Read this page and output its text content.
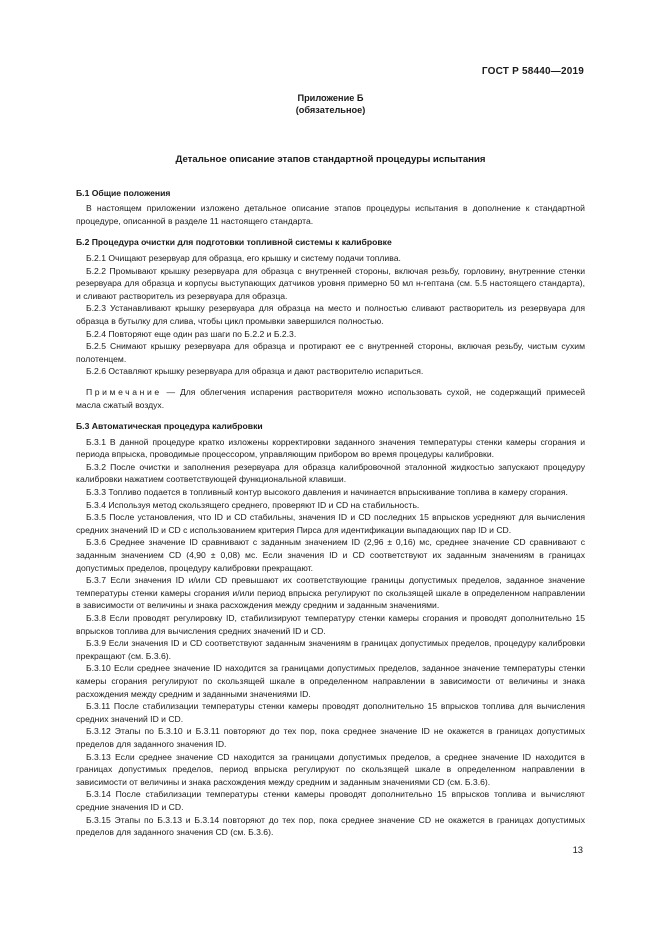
ГОСТ Р 58440—2019
Приложение Б
(обязательное)
Детальное описание этапов стандартной процедуры испытания
Б.1 Общие положения

В настоящем приложении изложено детальное описание этапов процедуры испытания в дополнение к стандартной процедуре, описанной в разделе 11 настоящего стандарта.

Б.2 Процедура очистки для подготовки топливной системы к калибровке

Б.2.1 Очищают резервуар для образца, его крышку и систему подачи топлива.

Б.2.2 Промывают крышку резервуара для образца с внутренней стороны, включая резьбу, горловину, внутренние стенки резервуара для образца и корпусы выступающих датчиков уровня примерно 50 мл н-гептана (см. 5.5 настоящего стандарта), и сливают растворитель из резервуара для образца.

Б.2.3 Устанавливают крышку резервуара для образца на место и полностью сливают растворитель из резервуара для образца в бутылку для слива, чтобы цикл промывки завершился полностью.

Б.2.4 Повторяют еще один раз шаги по Б.2.2 и Б.2.3.

Б.2.5 Снимают крышку резервуара для образца и протирают ее с внутренней стороны, включая резьбу, чистым сухим полотенцем.

Б.2.6 Оставляют крышку резервуара для образца и дают растворителю испариться.

Примечание — Для облегчения испарения растворителя можно использовать сухой, не содержащий примесей масла сжатый воздух.

Б.3 Автоматическая процедура калибровки

Б.3.1 В данной процедуре кратко изложены корректировки заданного значения температуры стенки камеры сгорания и периода впрыска, проводимые процессором, управляющим прибором во время процедуры калибровки.

Б.3.2 После очистки и заполнения резервуара для образца калибровочной эталонной жидкостью запускают процедуру калибровки нажатием соответствующей функциональной клавиши.

Б.3.3 Топливо подается в топливный контур высокого давления и начинается впрыскивание топлива в камеру сгорания.

Б.3.4 Используя метод скользящего среднего, проверяют ID и CD на стабильность.

Б.3.5 После установления, что ID и CD стабильны, значения ID и CD последних 15 впрысков усредняют для вычисления средних значений ID и CD с использованием критерия Пирса для идентификации выпадающих пар ID и CD.

Б.3.6 Среднее значение ID сравнивают с заданным значением ID (2,96 ± 0,16) мс, среднее значение CD сравнивают с заданным значением CD (4,90 ± 0,08) мс. Если значения ID и CD соответствуют их заданным значениям в границах допустимых пределов, процедуру калибровки прекращают.

Б.3.7 Если значения ID и/или CD превышают их соответствующие границы допустимых пределов, заданное значение температуры стенки камеры сгорания и/или период впрыска регулируют по скользящей шкале в определенном направлении в зависимости от величины и знака расхождения между средним и заданным значениями.

Б.3.8 Если проводят регулировку ID, стабилизируют температуру стенки камеры сгорания и проводят дополнительно 15 впрысков топлива для вычисления средних значений ID и CD.

Б.3.9 Если значения ID и CD соответствуют заданным значениям в границах допустимых пределов, процедуру калибровки прекращают (см. Б.3.6).

Б.3.10 Если среднее значение ID находится за границами допустимых пределов, заданное значение температуры стенки камеры сгорания регулируют по скользящей шкале в определенном направлении в зависимости от величины и знака расхождения между средним и заданными значениями ID.

Б.3.11 После стабилизации температуры стенки камеры проводят дополнительно 15 впрысков топлива для вычисления средних значений ID и CD.

Б.3.12 Этапы по Б.3.10 и Б.3.11 повторяют до тех пор, пока среднее значение ID не окажется в границах допустимых пределов для заданного значения ID.

Б.3.13 Если среднее значение CD находится за границами допустимых пределов, а среднее значение ID находится в границах допустимых пределов, период впрыска регулируют по скользящей шкале в определенном направлении в зависимости от величины и знака расхождения между средним и заданным значениями CD (см. Б.3.6).

Б.3.14 После стабилизации температуры стенки камеры проводят дополнительно 15 впрысков топлива и вычисляют средние значения ID и CD.

Б.3.15 Этапы по Б.3.13 и Б.3.14 повторяют до тех пор, пока среднее значение CD не окажется в границах допустимых пределов для заданного значения CD (см. Б.3.6).

13
